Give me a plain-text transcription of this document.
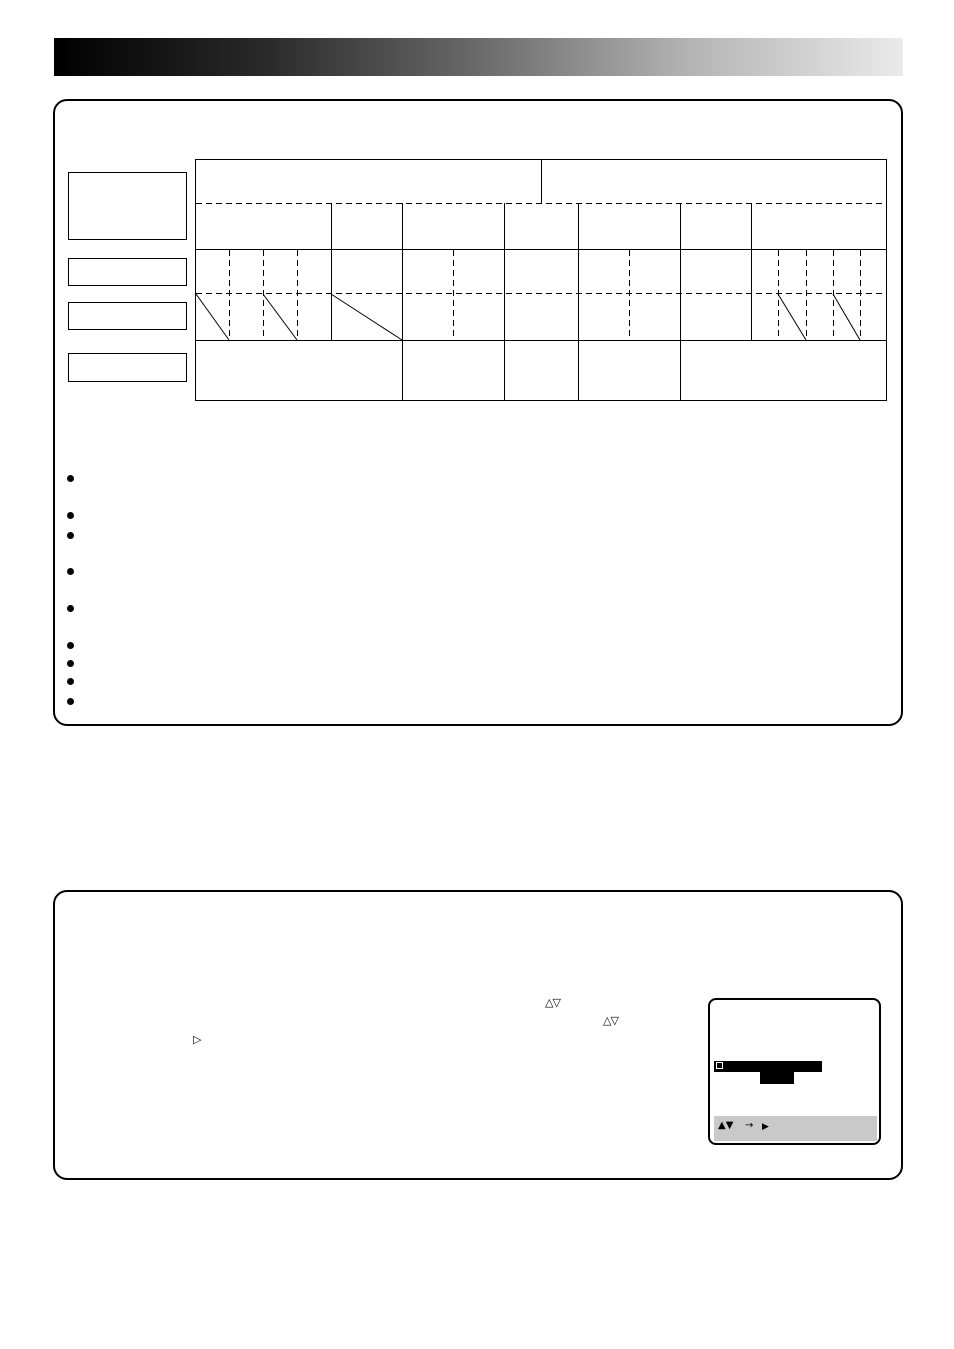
△▽
△▽
▷
▲▼ → ▶
